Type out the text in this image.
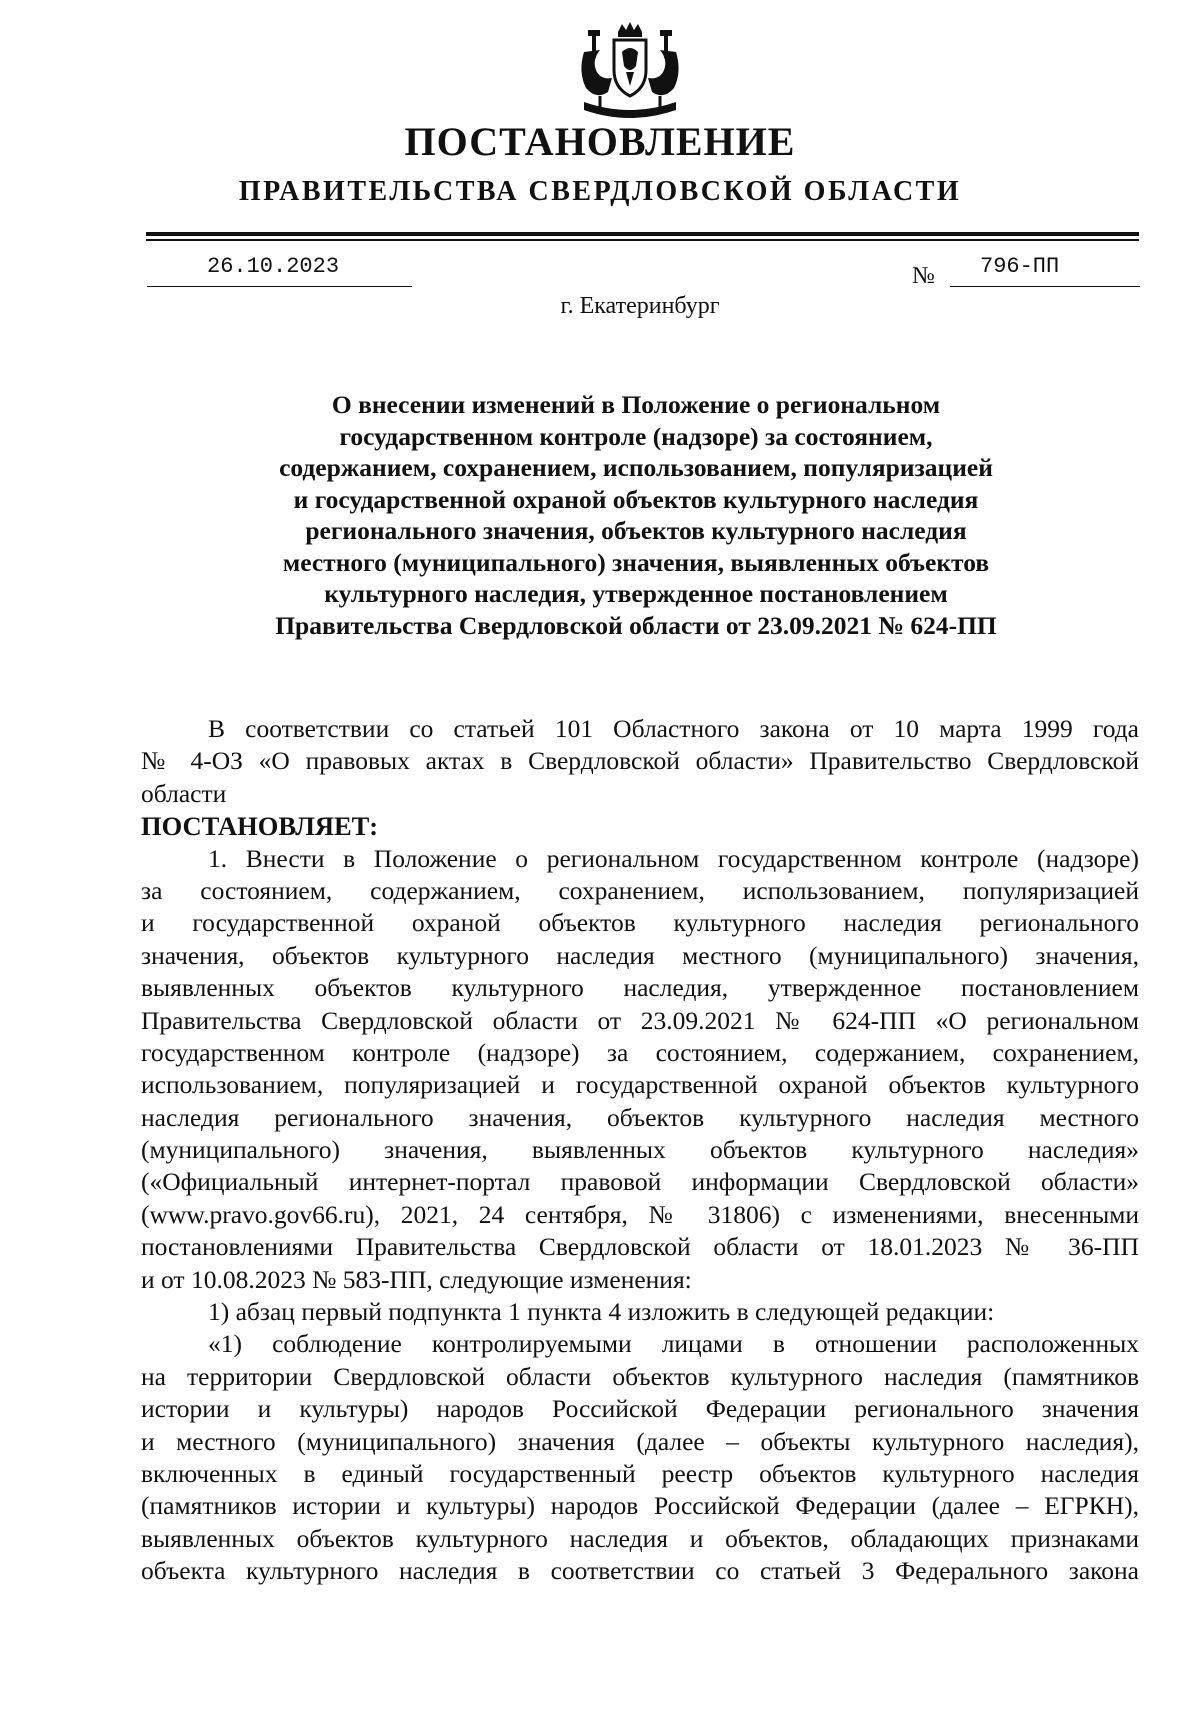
ПОСТАНОВЛЕНИЕ
ПРАВИТЕЛЬСТВА СВЕРДЛОВСКОЙ ОБЛАСТИ
26.10.2023	№	796-ПП
г. Екатеринбург
О внесении изменений в Положение о региональном
государственном контроле (надзоре) за состоянием,
содержанием, сохранением, использованием, популяризацией
и государственной охраной объектов культурного наследия
регионального значения, объектов культурного наследия
местного (муниципального) значения, выявленных объектов
культурного наследия, утвержденное постановлением
Правительства Свердловской области от 23.09.2021 № 624-ПП
В соответствии со статьей 101 Областного закона от 10 марта 1999 года
№ 4-ОЗ «О правовых актах в Свердловской области» Правительство Свердловской
области
ПОСТАНОВЛЯЕТ:
1. Внести в Положение о региональном государственном контроле (надзоре)
за состоянием, содержанием, сохранением, использованием, популяризацией
и государственной охраной объектов культурного наследия регионального
значения, объектов культурного наследия местного (муниципального) значения,
выявленных объектов культурного наследия, утвержденное постановлением
Правительства Свердловской области от 23.09.2021 № 624-ПП «О региональном
государственном контроле (надзоре) за состоянием, содержанием, сохранением,
использованием, популяризацией и государственной охраной объектов культурного
наследия регионального значения, объектов культурного наследия местного
(муниципального) значения, выявленных объектов культурного наследия»
(«Официальный интернет-портал правовой информации Свердловской области»
(www.pravo.gov66.ru), 2021, 24 сентября, № 31806) с изменениями, внесенными
постановлениями Правительства Свердловской области от 18.01.2023 № 36-ПП
и от 10.08.2023 № 583-ПП, следующие изменения:
1) абзац первый подпункта 1 пункта 4 изложить в следующей редакции:
«1) соблюдение контролируемыми лицами в отношении расположенных
на территории Свердловской области объектов культурного наследия (памятников
истории и культуры) народов Российской Федерации регионального значения
и местного (муниципального) значения (далее – объекты культурного наследия),
включенных в единый государственный реестр объектов культурного наследия
(памятников истории и культуры) народов Российской Федерации (далее – ЕГРКН),
выявленных объектов культурного наследия и объектов, обладающих признаками
объекта культурного наследия в соответствии со статьей 3 Федерального закона
